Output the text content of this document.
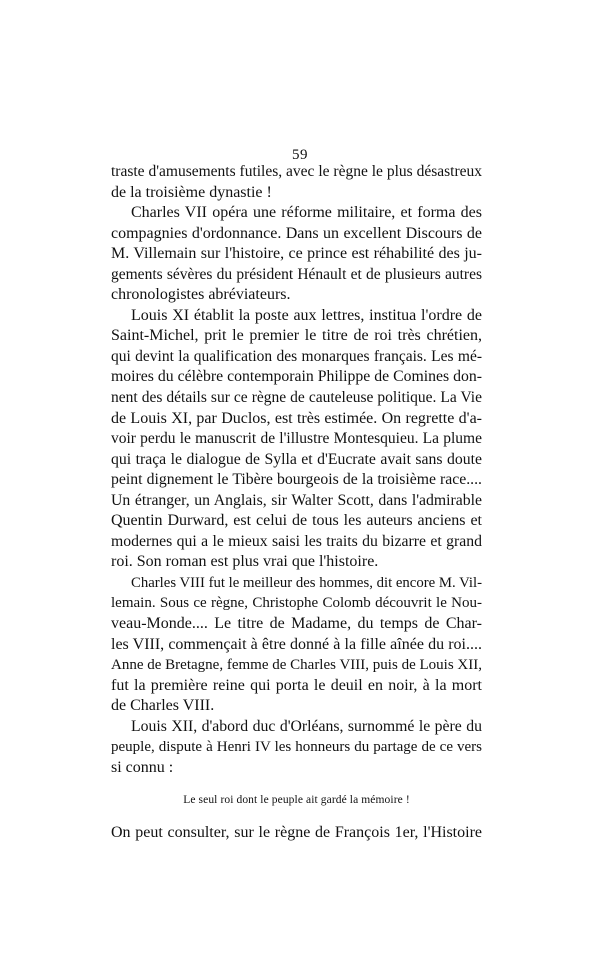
59
traste d'amusements futiles, avec le règne le plus désastreux
de la troisième dynastie !
Charles VII opéra une réforme militaire, et forma des
compagnies d'ordonnance. Dans un excellent Discours de
M. Villemain sur l'histoire, ce prince est réhabilité des ju-
gements sévères du président Hénault et de plusieurs autres
chronologistes abréviateurs.
Louis XI établit la poste aux lettres, institua l'ordre de
Saint-Michel, prit le premier le titre de roi très chrétien,
qui devint la qualification des monarques français. Les mé-
moires du célèbre contemporain Philippe de Comines don-
nent des détails sur ce règne de cauteleuse politique. La Vie
de Louis XI, par Duclos, est très estimée. On regrette d'a-
voir perdu le manuscrit de l'illustre Montesquieu. La plume
qui traça le dialogue de Sylla et d'Eucrate avait sans doute
peint dignement le Tibère bourgeois de la troisième race....
Un étranger, un Anglais, sir Walter Scott, dans l'admirable
Quentin Durward, est celui de tous les auteurs anciens et
modernes qui a le mieux saisi les traits du bizarre et grand
roi. Son roman est plus vrai que l'histoire.
Charles VIII fut le meilleur des hommes, dit encore M. Vil-
lemain. Sous ce règne, Christophe Colomb découvrit le Nou-
veau-Monde.... Le titre de Madame, du temps de Char-
les VIII, commençait à être donné à la fille aînée du roi....
Anne de Bretagne, femme de Charles VIII, puis de Louis XII,
fut la première reine qui porta le deuil en noir, à la mort
de Charles VIII.
Louis XII, d'abord duc d'Orléans, surnommé le père du
peuple, dispute à Henri IV les honneurs du partage de ce vers
si connu :
Le seul roi dont le peuple ait gardé la mémoire !
On peut consulter, sur le règne de François 1er, l'Histoire
